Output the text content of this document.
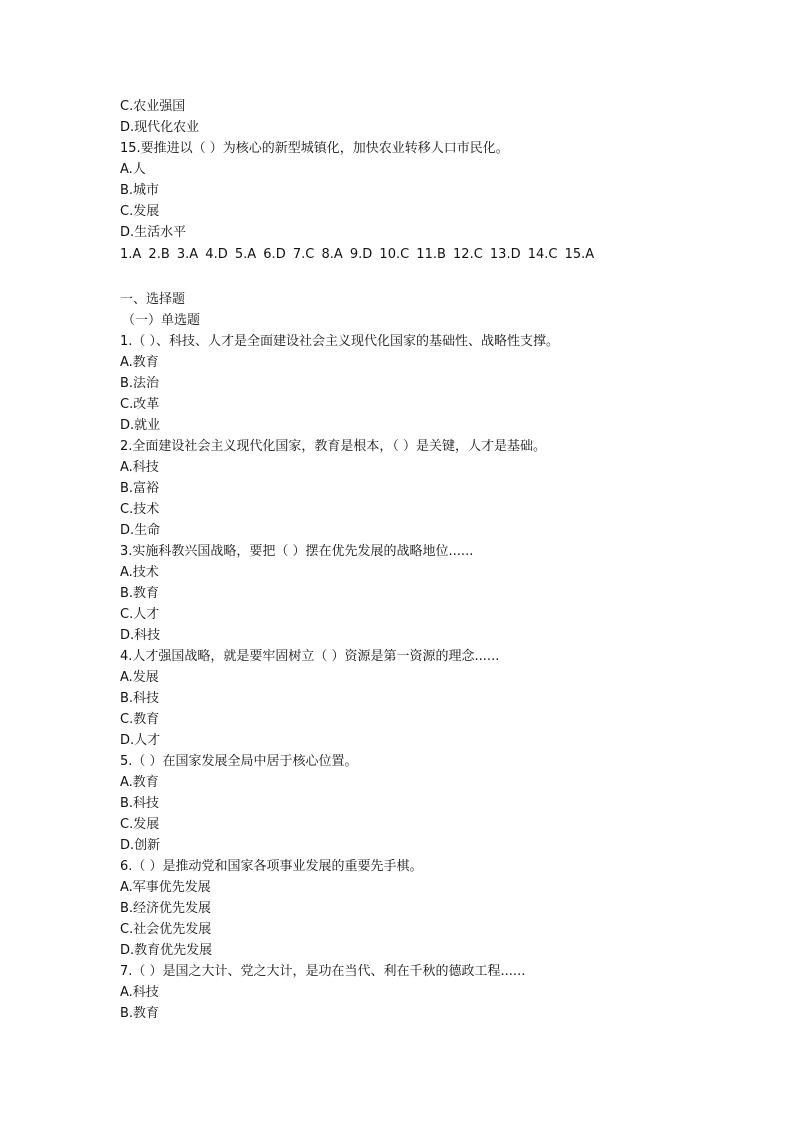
C.农业强国
D.现代化农业
15.要推进以（ ）为核心的新型城镇化，加快农业转移人口市民化。
A.人
B.城市
C.发展
D.生活水平
1.A 2.B 3.A 4.D 5.A 6.D 7.C 8.A 9.D 10.C 11.B 12.C 13.D 14.C 15.A
一、选择题
（一）单选题
1.（ ）、科技、人才是全面建设社会主义现代化国家的基础性、战略性支撑。
A.教育
B.法治
C.改革
D.就业
2.全面建设社会主义现代化国家，教育是根本，（ ）是关键，人才是基础。
A.科技
B.富裕
C.技术
D.生命
3.实施科教兴国战略，要把（ ）摆在优先发展的战略地位......
A.技术
B.教育
C.人才
D.科技
4.人才强国战略，就是要牢固树立（ ）资源是第一资源的理念......
A.发展
B.科技
C.教育
D.人才
5.（ ）在国家发展全局中居于核心位置。
A.教育
B.科技
C.发展
D.创新
6.（ ）是推动党和国家各项事业发展的重要先手棋。
A.军事优先发展
B.经济优先发展
C.社会优先发展
D.教育优先发展
7.（ ）是国之大计、党之大计，是功在当代、利在千秋的德政工程......
A.科技
B.教育
